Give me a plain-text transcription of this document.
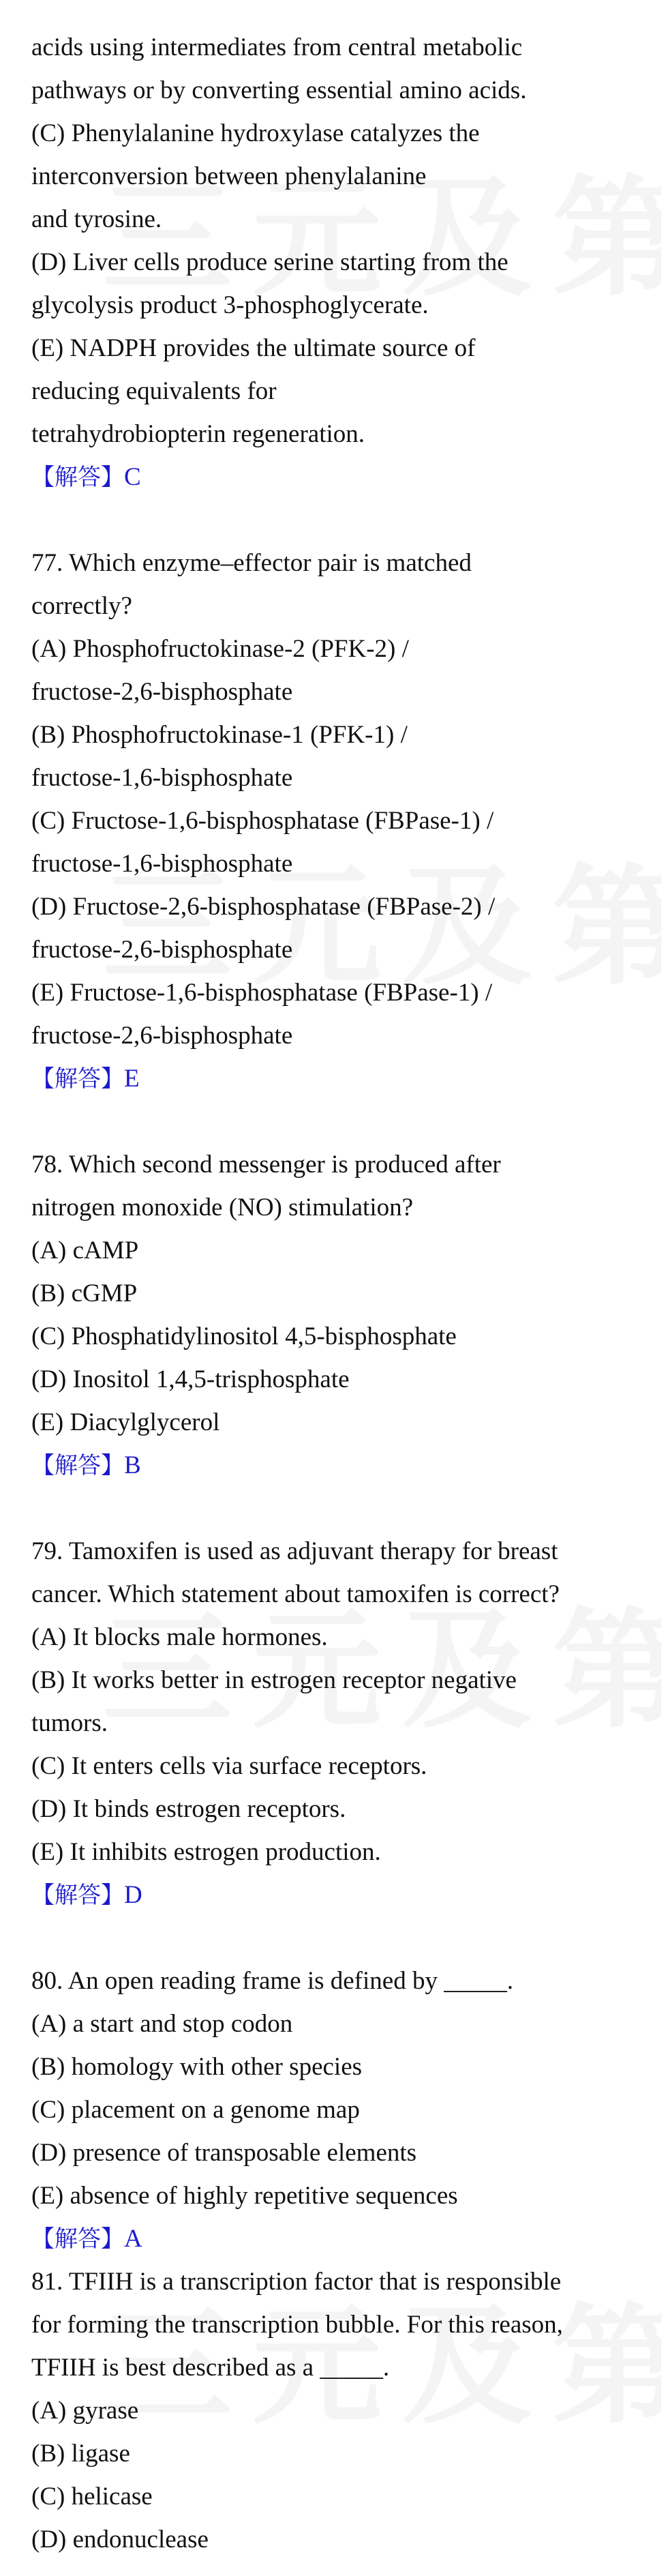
acids using intermediates from central metabolic
pathways or by converting essential amino acids.
(C) Phenylalanine hydroxylase catalyzes the
interconversion between phenylalanine
and tyrosine.
(D) Liver cells produce serine starting from the
glycolysis product 3-phosphoglycerate.
(E) NADPH provides the ultimate source of
reducing equivalents for
tetrahydrobiopterin regeneration.
【解答】C
77. Which enzyme–effector pair is matched
correctly?
(A) Phosphofructokinase-2 (PFK-2) /
fructose-2,6-bisphosphate
(B) Phosphofructokinase-1 (PFK-1) /
fructose-1,6-bisphosphate
(C) Fructose-1,6-bisphosphatase (FBPase-1) /
fructose-1,6-bisphosphate
(D) Fructose-2,6-bisphosphatase (FBPase-2) /
fructose-2,6-bisphosphate
(E) Fructose-1,6-bisphosphatase (FBPase-1) /
fructose-2,6-bisphosphate
【解答】E
78. Which second messenger is produced after
nitrogen monoxide (NO) stimulation?
(A) cAMP
(B) cGMP
(C) Phosphatidylinositol 4,5-bisphosphate
(D) Inositol 1,4,5-trisphosphate
(E) Diacylglycerol
【解答】B
79. Tamoxifen is used as adjuvant therapy for breast
cancer. Which statement about tamoxifen is correct?
(A) It blocks male hormones.
(B) It works better in estrogen receptor negative
tumors.
(C) It enters cells via surface receptors.
(D) It binds estrogen receptors.
(E) It inhibits estrogen production.
【解答】D
80. An open reading frame is defined by _____.
(A) a start and stop codon
(B) homology with other species
(C) placement on a genome map
(D) presence of transposable elements
(E) absence of highly repetitive sequences
【解答】A
81. TFIIH is a transcription factor that is responsible
for forming the transcription bubble. For this reason,
TFIIH is best described as a _____.
(A) gyrase
(B) ligase
(C) helicase
(D) endonuclease
